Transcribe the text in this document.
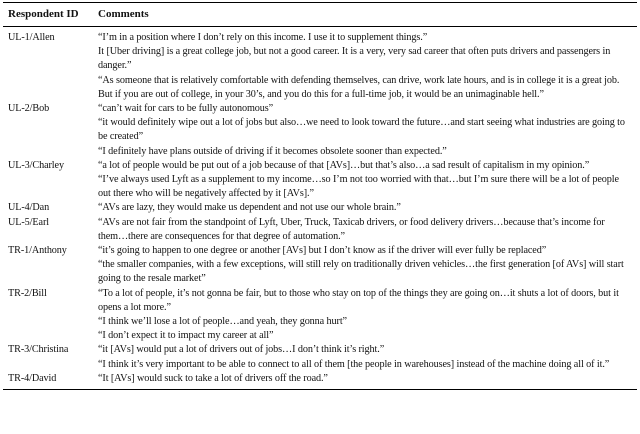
Respondent ID	Comments
UL-1/Allen	“I’m in a position where I don’t rely on this income. I use it to supplement things.”

It [Uber driving] is a great college job, but not a good career. It is a very, very sad career that often puts drivers and passengers in danger.”

“As someone that is relatively comfortable with defending themselves, can drive, work late hours, and is in college it is a great job. But if you are out of college, in your 30’s, and you do this for a full-time job, it would be an unimaginable hell.”

UL-2/Bob	“can’t wait for cars to be fully autonomous”

“it would definitely wipe out a lot of jobs but also…we need to look toward the future…and start seeing what industries are going to be created”

“I definitely have plans outside of driving if it becomes obsolete sooner than expected.”

UL-3/Charley	“a lot of people would be put out of a job because of that [AVs]…but that’s also…a sad result of capitalism in my opinion.”

“I’ve always used Lyft as a supplement to my income…so I’m not too worried with that…but I’m sure there will be a lot of people out there who will be negatively affected by it [AVs].”

UL-4/Dan	“AVs are lazy, they would make us dependent and not use our whole brain.”

UL-5/Earl	“AVs are not fair from the standpoint of Lyft, Uber, Truck, Taxicab drivers, or food delivery drivers…because that’s income for them…there are consequences for that degree of automation.”

TR-1/Anthony	“it’s going to happen to one degree or another [AVs] but I don’t know as if the driver will ever fully be replaced”

“the smaller companies, with a few exceptions, will still rely on traditionally driven vehicles…the first generation [of AVs] will start going to the resale market”

TR-2/Bill	“To a lot of people, it’s not gonna be fair, but to those who stay on top of the things they are going on…it shuts a lot of doors, but it opens a lot more.”

“I think we’ll lose a lot of people…and yeah, they gonna hurt”

“I don’t expect it to impact my career at all”

TR-3/Christina	“it [AVs] would put a lot of drivers out of jobs…I don’t think it’s right.”

“I think it’s very important to be able to connect to all of them [the people in warehouses] instead of the machine doing all of it.”

TR-4/David	“It [AVs] would suck to take a lot of drivers off the road.”
